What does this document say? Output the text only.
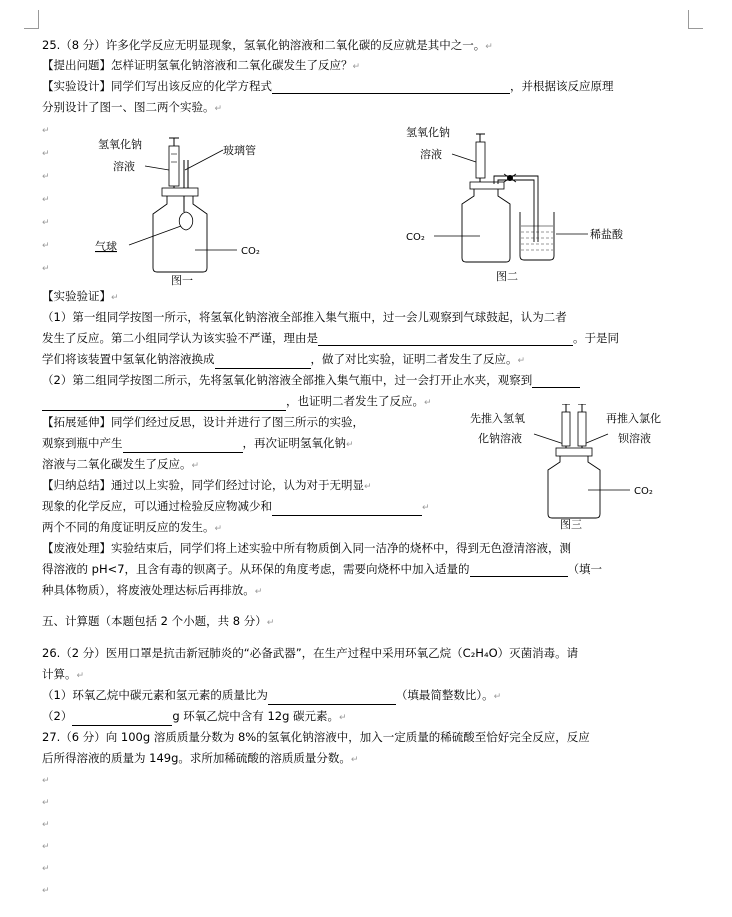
25.（8 分）许多化学反应无明显现象，氢氧化钠溶液和二氧化碳的反应就是其中之一。↵
【提出问题】怎样证明氢氧化钠溶液和二氧化碳发生了反应？↵
【实验设计】同学们写出该反应的化学方程式	，并根据该反应原理
分别设计了图一、图二两个实验。↵
↵
↵
↵
↵
↵
↵
↵
氢氧化钠
溶液
玻璃管
气球	CO₂
图一
氢氧化钠
溶液
CO₂	稀盐酸
图二
【实验验证】↵
（1）第一组同学按图一所示，将氢氧化钠溶液全部推入集气瓶中，过一会儿观察到气球鼓起，认为二者
发生了反应。第二小组同学认为该实验不严谨，理由是	。于是同
学们将该装置中氢氧化钠溶液换成	，做了对比实验，证明二者发生了反应。↵
（2）第二组同学按图二所示，先将氢氧化钠溶液全部推入集气瓶中，过一会打开止水夹，观察到
，也证明二者发生了反应。↵
【拓展延伸】同学们经过反思，设计并进行了图三所示的实验，
观察到瓶中产生	，再次证明氢氧化钠↵
溶液与二氧化碳发生了反应。↵
【归纳总结】通过以上实验，同学们经过讨论，认为对于无明显↵
现象的化学反应，可以通过检验反应物减少和	↵
两个不同的角度证明反应的发生。↵
先推入氢氧
化钠溶液
再推入氯化
钡溶液
CO₂
图三
【废液处理】实验结束后，同学们将上述实验中所有物质倒入同一洁净的烧杯中，得到无色澄清溶液，测
得溶液的 pH<7，且含有毒的钡离子。从环保的角度考虑，需要向烧杯中加入适量的	（填一
种具体物质），将废液处理达标后再排放。↵
五、计算题（本题包括 2 个小题，共 8 分）↵
26.（2 分）医用口罩是抗击新冠肺炎的“必备武器”，在生产过程中采用环氧乙烷（C₂H₄O）灭菌消毒。请
计算。↵
（1）环氧乙烷中碳元素和氢元素的质量比为	（填最简整数比）。↵
（2）	g 环氧乙烷中含有 12g 碳元素。↵
27.（6 分）向 100g 溶质质量分数为 8%的氢氧化钠溶液中，加入一定质量的稀硫酸至恰好完全反应，反应
后所得溶液的质量为 149g。求所加稀硫酸的溶质质量分数。↵
↵
↵
↵
↵
↵
↵
